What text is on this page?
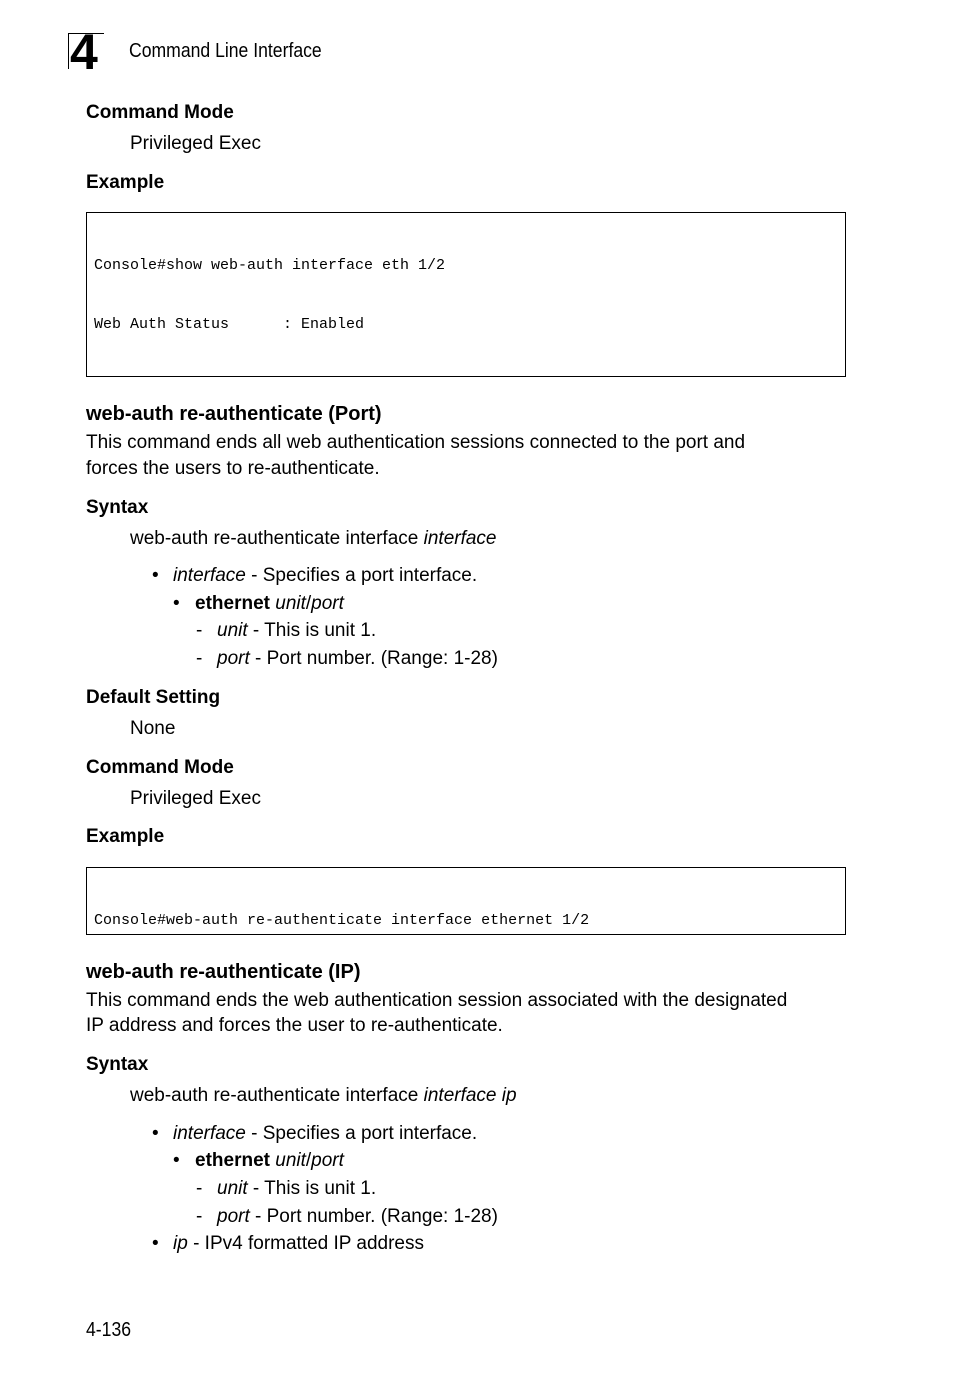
4 Command Line Interface
Command Mode
Privileged Exec
Example

Console#show web-auth interface eth 1/2

Web Auth Status      : Enabled

web-auth re-authenticate (Port)
This command ends all web authentication sessions connected to the port and
forces the users to re-authenticate.
Syntax
web-auth re-authenticate interface interface
• interface - Specifies a port interface.
• ethernet unit/port
- unit - This is unit 1.
- port - Port number. (Range: 1-28)
Default Setting
None
Command Mode
Privileged Exec
Example

Console#web-auth re-authenticate interface ethernet 1/2

web-auth re-authenticate (IP)
This command ends the web authentication session associated with the designated
IP address and forces the user to re-authenticate.
Syntax
web-auth re-authenticate interface interface ip
• interface - Specifies a port interface.
• ethernet unit/port
- unit - This is unit 1.
- port - Port number. (Range: 1-28)
• ip - IPv4 formatted IP address
4-136
